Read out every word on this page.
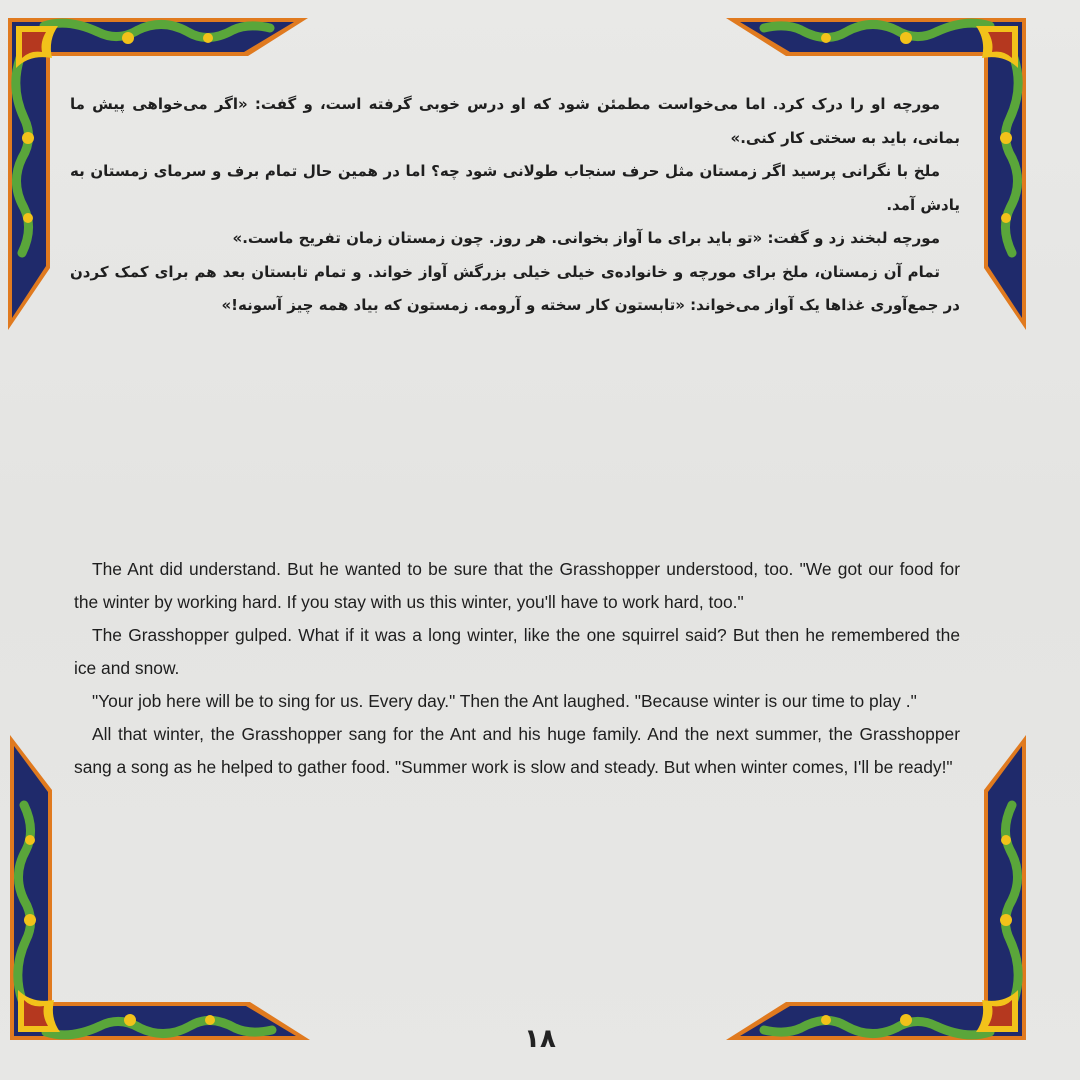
مورچه او را درک کرد. اما می‌خواست مطمئن شود که او درس خوبی گرفته است، و گفت: «اگر می‌خواهی پیش ما بمانی، باید به سختی کار کنی.»

ملخ با نگرانی پرسید اگر زمستان مثل حرف سنجاب طولانی شود چه؟ اما در همین حال تمام برف و سرمای زمستان به یادش آمد.

مورچه لبخند زد و گفت: «تو باید برای ما آواز بخوانی. هر روز. چون زمستان زمان تفریح ماست.»

تمام آن زمستان، ملخ برای مورچه و خانواده‌ی خیلی خیلی بزرگش آواز خواند. و تمام تابستان بعد هم برای کمک کردن در جمع‌آوری غذاها یک آواز می‌خواند: «تابستون کار سخته و آرومه. زمستون که بیاد همه چیز آسونه!»

The Ant did understand. But he wanted to be sure that the Grasshopper understood, too. "We got our food for the winter by working hard. If you stay with us this winter, you'll have to work hard, too."

The Grasshopper gulped. What if it was a long winter, like the one squirrel said? But then he remembered the ice and snow.

"Your job here will be to sing for us. Every day." Then the Ant laughed. "Because winter is our time to play ."

All that winter, the Grasshopper sang for the Ant and his huge family. And the next summer, the Grasshopper sang a song as he helped to gather food. "Summer work is slow and steady. But when winter comes, I'll be ready!"

۱۸
